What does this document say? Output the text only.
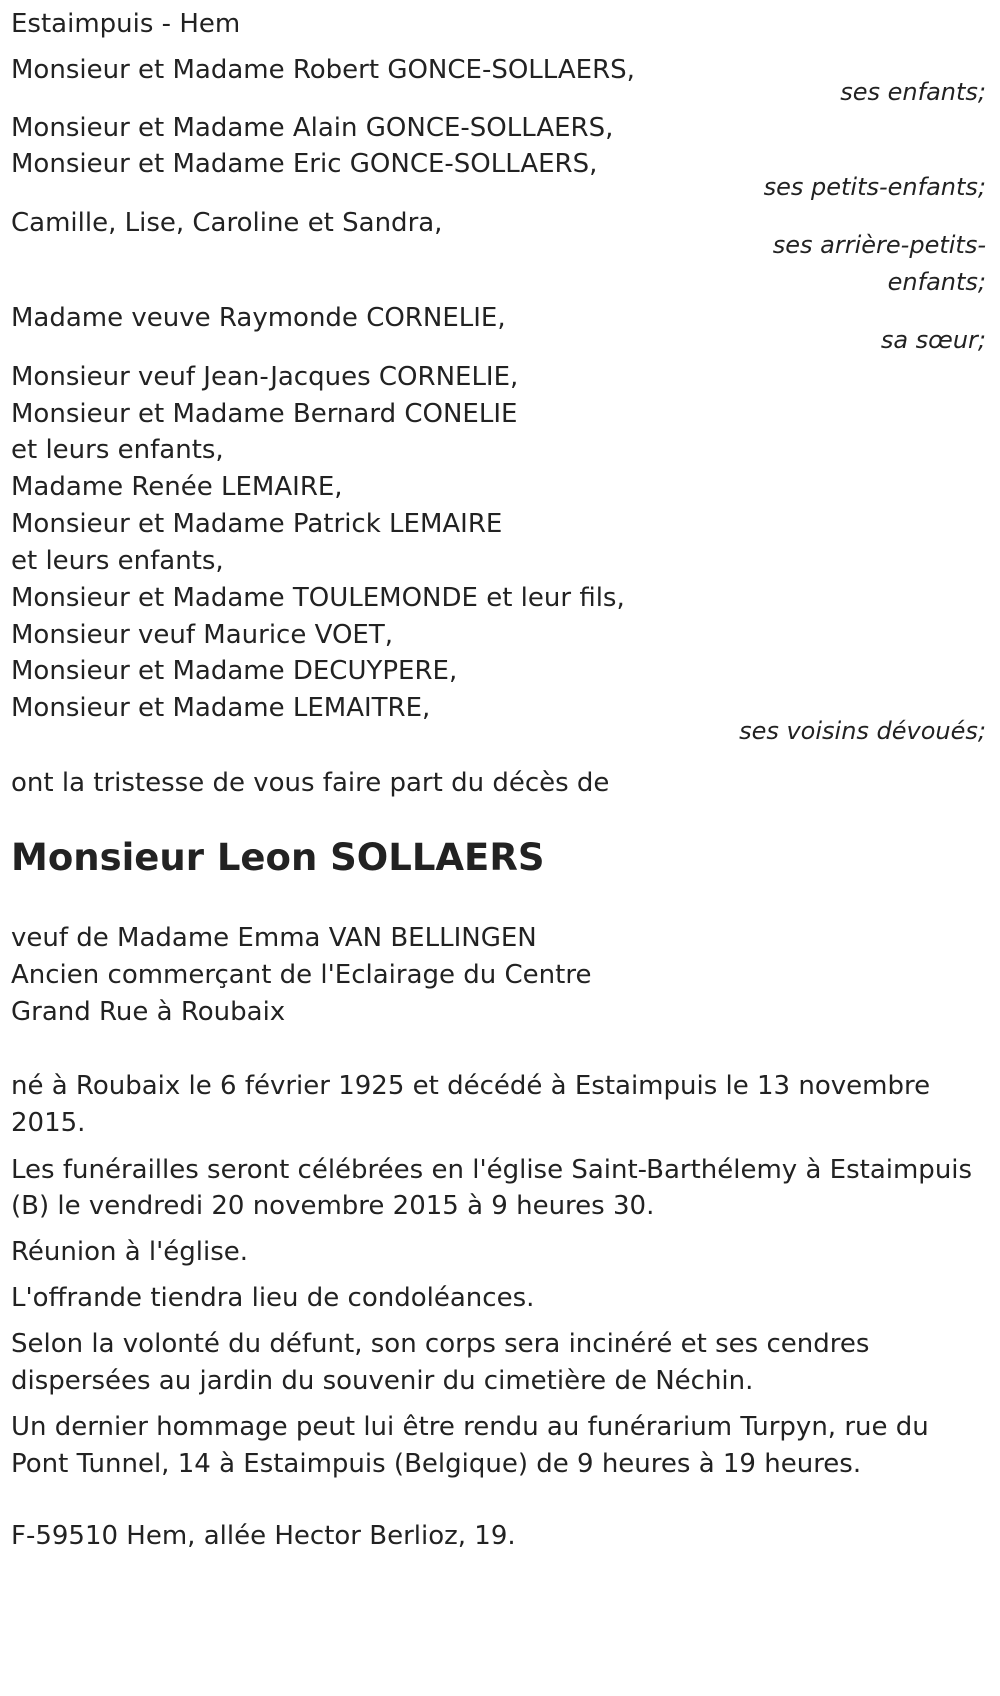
Estaimpuis - Hem

Monsieur et Madame Robert GONCE-SOLLAERS,

ses enfants;

Monsieur et Madame Alain GONCE-SOLLAERS,

Monsieur et Madame Eric GONCE-SOLLAERS,

ses petits-enfants;

Camille, Lise, Caroline et Sandra,

ses arrière-petits-
enfants;

Madame veuve Raymonde CORNELIE,

sa sœur;

Monsieur veuf Jean-Jacques CORNELIE,

Monsieur et Madame Bernard CONELIE

et leurs enfants,

Madame Renée LEMAIRE,

Monsieur et Madame Patrick LEMAIRE

et leurs enfants,

Monsieur et Madame TOULEMONDE et leur fils,

Monsieur veuf Maurice VOET,

Monsieur et Madame DECUYPERE,

Monsieur et Madame LEMAITRE,

ses voisins dévoués;

ont la tristesse de vous faire part du décès de

Monsieur Leon SOLLAERS

veuf de Madame Emma VAN BELLINGEN

Ancien commerçant de l'Eclairage du Centre

Grand Rue à Roubaix

né à Roubaix le 6 février 1925 et décédé à Estaimpuis le 13 novembre

2015.

Les funérailles seront célébrées en l'église Saint-Barthélemy à Estaimpuis

(B) le vendredi 20 novembre 2015 à 9 heures 30.

Réunion à l'église.

L'offrande tiendra lieu de condoléances.

Selon la volonté du défunt, son corps sera incinéré et ses cendres

dispersées au jardin du souvenir du cimetière de Néchin.

Un dernier hommage peut lui être rendu au funérarium Turpyn, rue du

Pont Tunnel, 14 à Estaimpuis (Belgique) de 9 heures à 19 heures.

F-59510 Hem, allée Hector Berlioz, 19.
